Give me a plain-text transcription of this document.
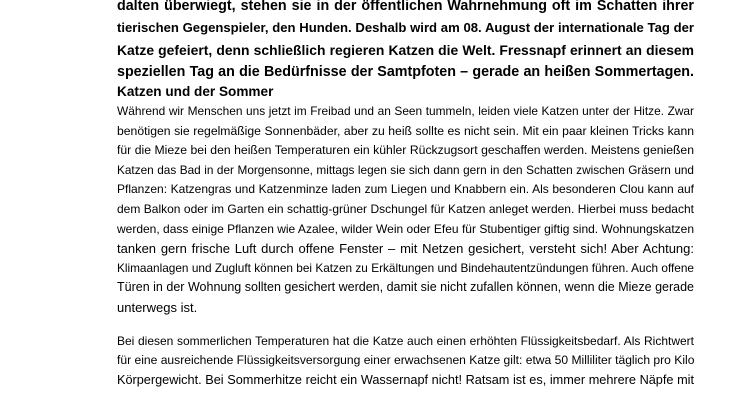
dalten überwiegt, stehen sie in der öffentlichen Wahrnehmung oft im Schatten ihrer
tierischen Gegenspieler, den Hunden. Deshalb wird am 08. August der internationale Tag der
Katze gefeiert, denn schließlich regieren Katzen die Welt. Fressnapf erinnert an diesem
speziellen Tag an die Bedürfnisse der Samtpfoten – gerade an heißen Sommertagen.
Katzen und der Sommer
Während wir Menschen uns jetzt im Freibad und an Seen tummeln, leiden viele Katzen unter der Hitze. Zwar
benötigen sie regelmäßige Sonnenbäder, aber zu heiß sollte es nicht sein. Mit ein paar kleinen Tricks kann
für die Mieze bei den heißen Temperaturen ein kühler Rückzugsort geschaffen werden. Meistens genießen
Katzen das Bad in der Morgensonne, mittags legen sie sich dann gern in den Schatten zwischen Gräsern und
Pflanzen: Katzengras und Katzenminze laden zum Liegen und Knabbern ein. Als besonderen Clou kann auf
dem Balkon oder im Garten ein schattig-grüner Dschungel für Katzen anleget werden. Hierbei muss bedacht
werden, dass einige Pflanzen wie Azalee, wilder Wein oder Efeu für Stubentiger giftig sind. Wohnungskatzen
tanken gern frische Luft durch offene Fenster – mit Netzen gesichert, versteht sich! Aber Achtung:
Klimaanlagen und Zugluft können bei Katzen zu Erkältungen und Bindehautentzündungen führen. Auch offene
Türen in der Wohnung sollten gesichert werden, damit sie nicht zufallen können, wenn die Mieze gerade
unterwegs ist.
Bei diesen sommerlichen Temperaturen hat die Katze auch einen erhöhten Flüssigkeitsbedarf. Als Richtwert
für eine ausreichende Flüssigkeitsversorgung einer erwachsenen Katze gilt: etwa 50 Milliliter täglich pro Kilo
Körpergewicht. Bei Sommerhitze reicht ein Wassernapf nicht! Ratsam ist es, immer mehrere Näpfe mit
